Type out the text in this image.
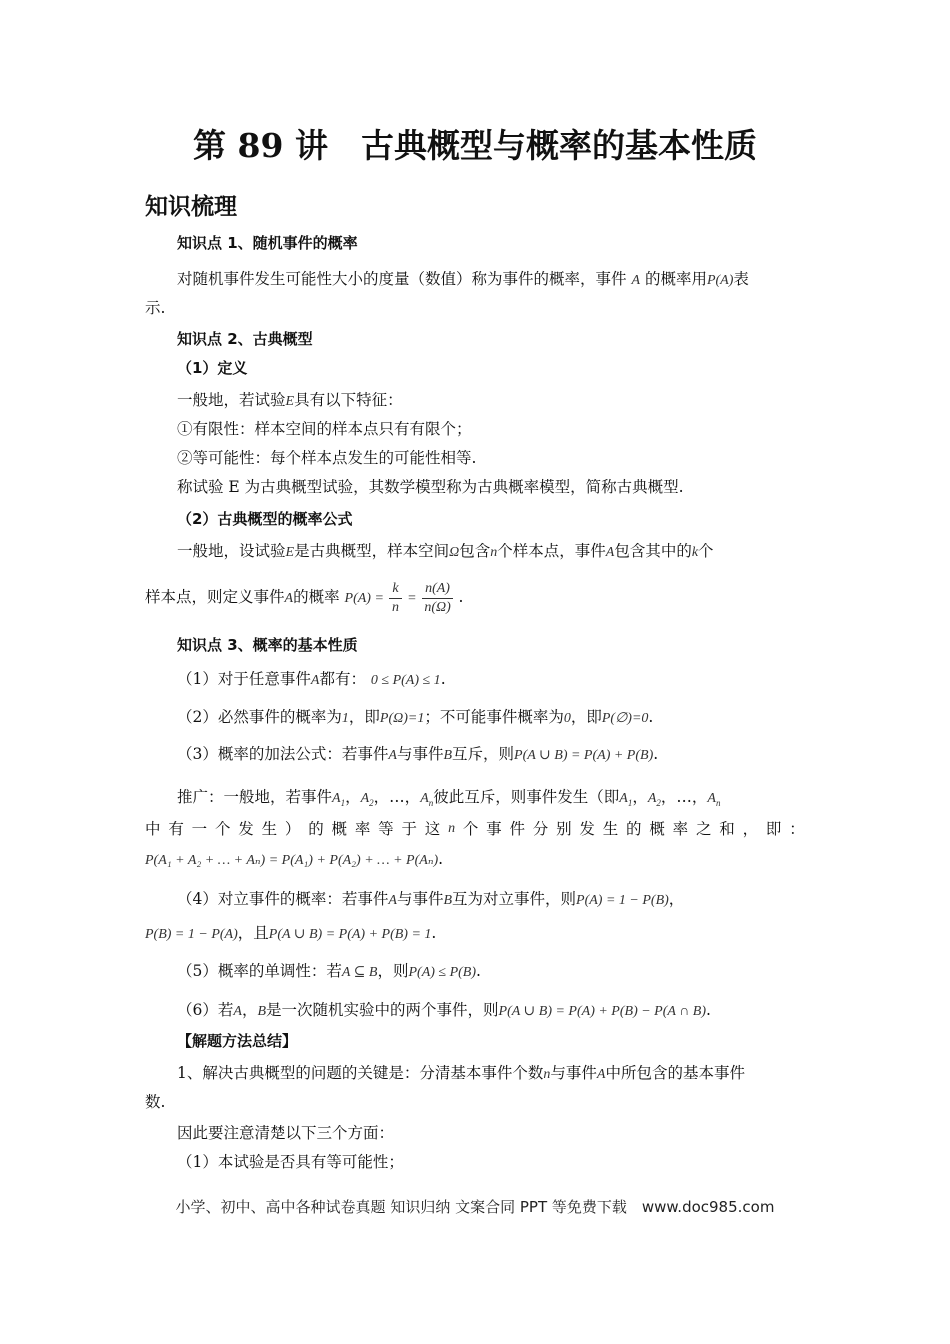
第 89 讲　古典概型与概率的基本性质
知识梳理
知识点 1、随机事件的概率
对随机事件发生可能性大小的度量（数值）称为事件的概率，事件 A 的概率用P(A)表
示.
知识点 2、古典概型
（1）定义
一般地，若试验E具有以下特征：
①有限性：样本空间的样本点只有有限个；
②等可能性：每个样本点发生的可能性相等.
称试验 E 为古典概型试验，其数学模型称为古典概率模型，简称古典概型.
（2）古典概型的概率公式
一般地，设试验E是古典概型，样本空间Ω包含n个样本点，事件A包含其中的k个
样本点，则定义事件A的概率 $P(A) = \frac{k}{n} = \frac{n(A)}{n(\Omega)}$ .
知识点 3、概率的基本性质
（1）对于任意事件A都有： 0 ≤ P(A) ≤ 1.
（2）必然事件的概率为1，即P(Ω)=1；不可能事件概率为0，即P(∅)=0.
（3）概率的加法公式：若事件A与事件B互斥，则P(A ∪ B) = P(A) + P(B).
推广：一般地，若事件$A_1$，$A_2$，…，$A_n$彼此互斥，则事件发生（即$A_1$，$A_2$，…，$A_n$
中 有 一 个 发 生 ） 的 概 率 等 于 这 n 个 事 件 分 别 发 生 的 概 率 之 和 ， 即 ：
P(A₁ + A₂ + … + Aₙ) = P(A₁) + P(A₂) + … + P(Aₙ).
（4）对立事件的概率：若事件A与事件B互为对立事件，则P(A) = 1 − P(B)，
P(B) = 1 − P(A)，且P(A ∪ B) = P(A) + P(B) = 1.
（5）概率的单调性：若A ⊆ B，则P(A) ≤ P(B).
（6）若A，B是一次随机实验中的两个事件，则P(A ∪ B) = P(A) + P(B) − P(A ∩ B).
【解题方法总结】
1、解决古典概型的问题的关键是：分清基本事件个数n与事件A中所包含的基本事件
数.
因此要注意清楚以下三个方面：
（1）本试验是否具有等可能性；
小学、初中、高中各种试卷真题 知识归纳 文案合同 PPT 等免费下载　www.doc985.com
